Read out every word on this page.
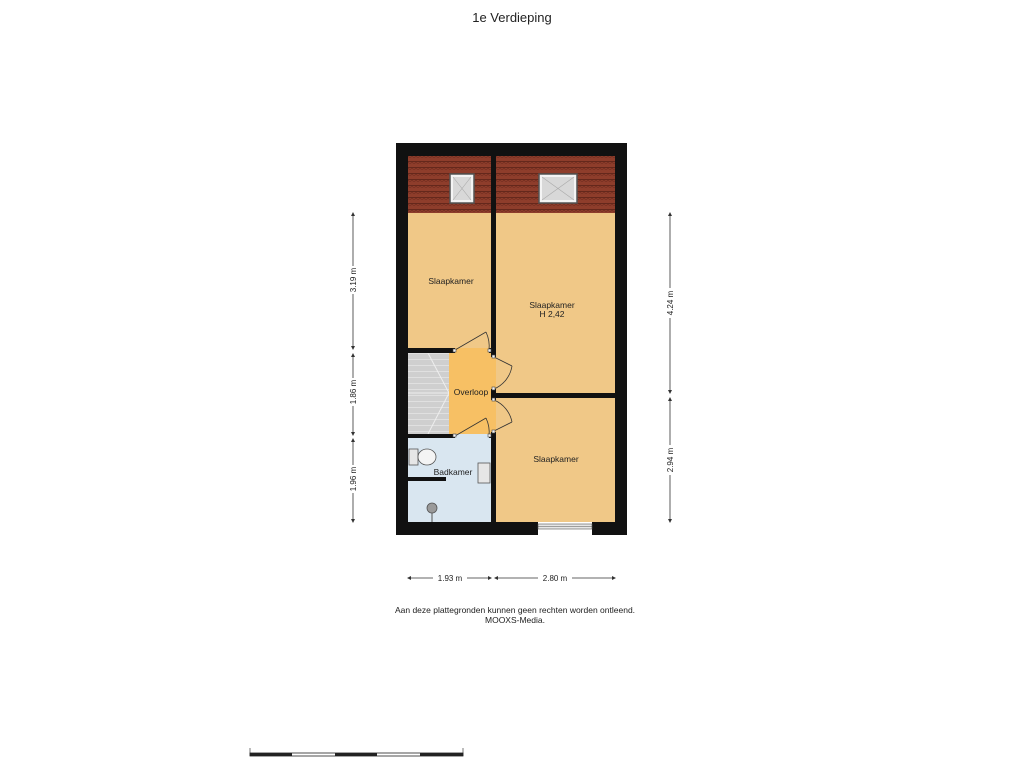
1e Verdieping
Slaapkamer
Slaapkamer
H 2,42
Overloop
Badkamer
Slaapkamer
3.19 m
1.86 m
1.96 m
4.24 m
2.94 m
1.93 m	2.80 m
Aan deze plattegronden kunnen geen rechten worden ontleend.
MOOXS-Media.
